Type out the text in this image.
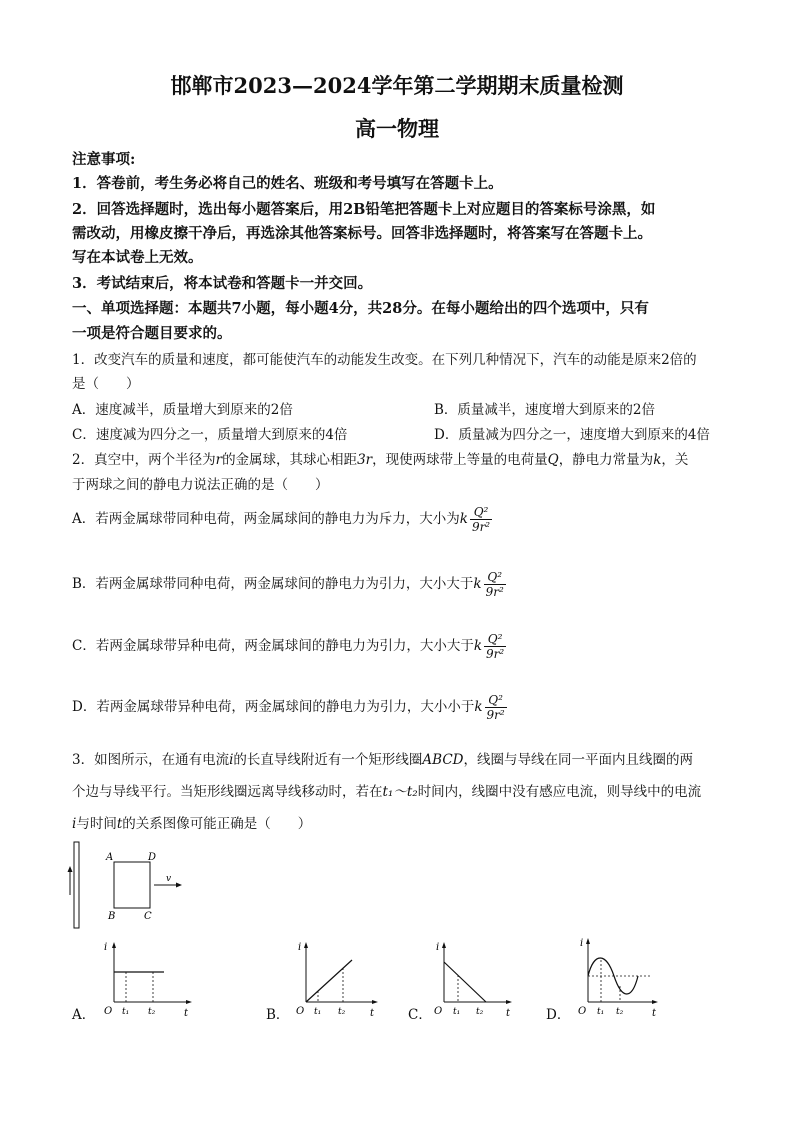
邯郸市2023—2024学年第二学期期末质量检测
高一物理
注意事项:
1．答卷前，考生务必将自己的姓名、班级和考号填写在答题卡上。
2．回答选择题时，选出每小题答案后，用2B铅笔把答题卡上对应题目的答案标号涂黑，如
需改动，用橡皮擦干净后，再选涂其他答案标号。回答非选择题时，将答案写在答题卡上。
写在本试卷上无效。
3．考试结束后，将本试卷和答题卡一并交回。
一、单项选择题：本题共7小题，每小题4分，共28分。在每小题给出的四个选项中，只有
一项是符合题目要求的。
1．改变汽车的质量和速度，都可能使汽车的动能发生改变。在下列几种情况下，汽车的动能是原来2倍的
是（　　）
A．速度减半，质量增大到原来的2倍	B．质量减半，速度增大到原来的2倍
C．速度减为四分之一，质量增大到原来的4倍	D．质量减为四分之一，速度增大到原来的4倍
2．真空中，两个半径为r的金属球，其球心相距3r，现使两球带上等量的电荷量Q，静电力常量为k，关
于两球之间的静电力说法正确的是（　　）
A．若两金属球带同种电荷，两金属球间的静电力为斥力，大小为k $\frac{\text{Q²}}{\text{9r²}}$
B．若两金属球带同种电荷，两金属球间的静电力为引力，大小大于k $\frac{\text{Q²}}{\text{9r²}}$
C．若两金属球带异种电荷，两金属球间的静电力为引力，大小大于k $\frac{\text{Q²}}{\text{9r²}}$
D．若两金属球带异种电荷，两金属球间的静电力为引力，大小小于k $\frac{\text{Q²}}{\text{9r²}}$
3．如图所示，在通有电流i的长直导线附近有一个矩形线圈ABCD，线圈与导线在同一平面内且线圈的两
个边与导线平行。当矩形线圈远离导线移动时，若在t₁～t₂时间内，线圈中没有感应电流，则导线中的电流
i与时间t的关系图像可能正确是（　　）
A	D
B	C
v
A．
i
t
O t₁ t₂	B．
i
t
O t₁ t₂	C．
i
t
O t₁ t₂	D．
i
t
O t₁ t₂
